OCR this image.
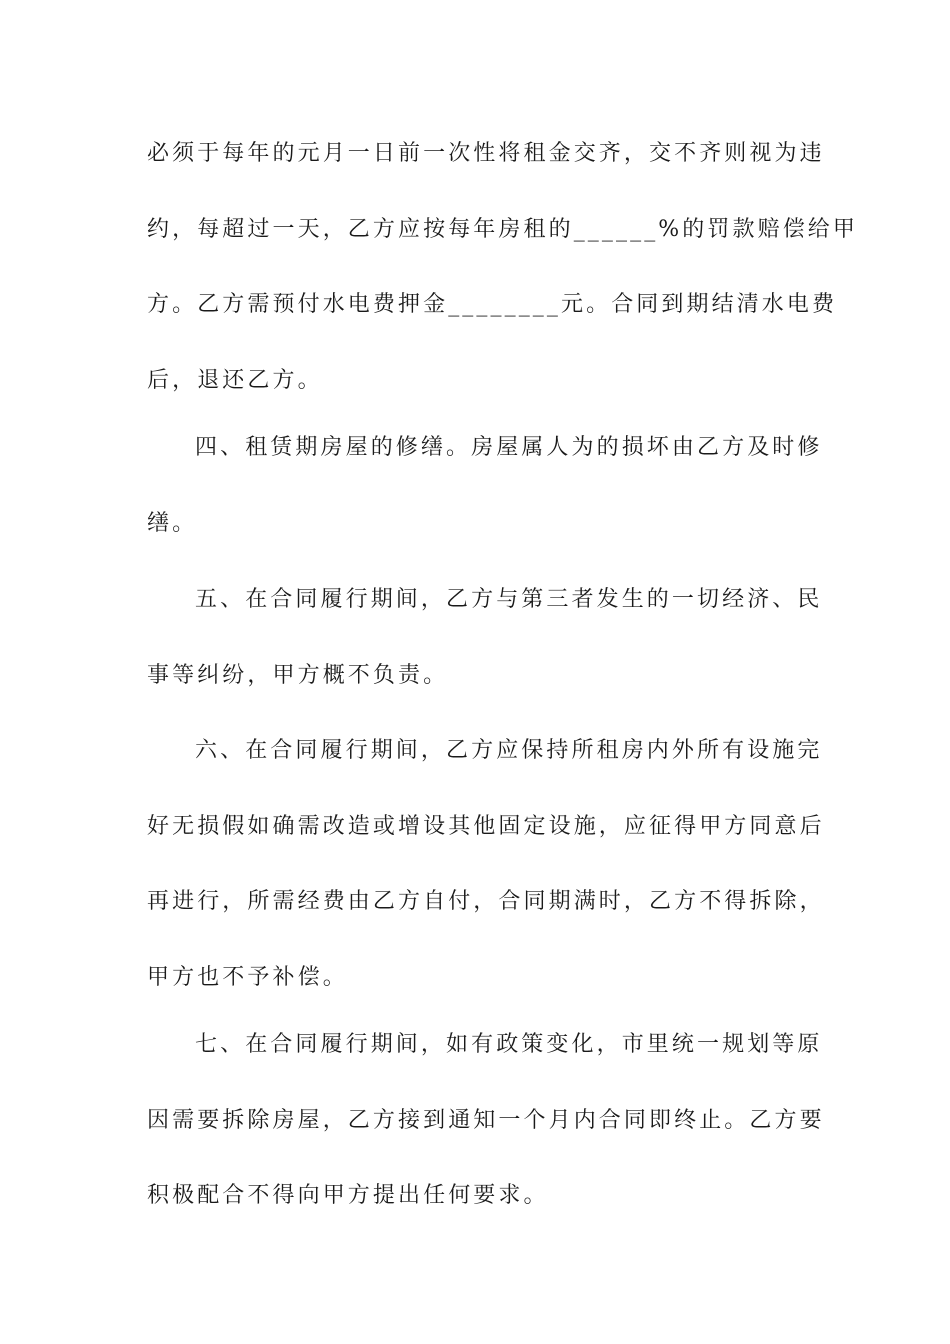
必须于每年的元月一日前一次性将租金交齐，交不齐则视为违
约，每超过一天，乙方应按每年房租的______%的罚款赔偿给甲
方。乙方需预付水电费押金________元。合同到期结清水电费
后，退还乙方。
四、租赁期房屋的修缮。房屋属人为的损坏由乙方及时修
缮。
五、在合同履行期间，乙方与第三者发生的一切经济、民
事等纠纷，甲方概不负责。
六、在合同履行期间，乙方应保持所租房内外所有设施完
好无损假如确需改造或增设其他固定设施，应征得甲方同意后
再进行，所需经费由乙方自付，合同期满时，乙方不得拆除，
甲方也不予补偿。
七、在合同履行期间，如有政策变化，市里统一规划等原
因需要拆除房屋，乙方接到通知一个月内合同即终止。乙方要
积极配合不得向甲方提出任何要求。
